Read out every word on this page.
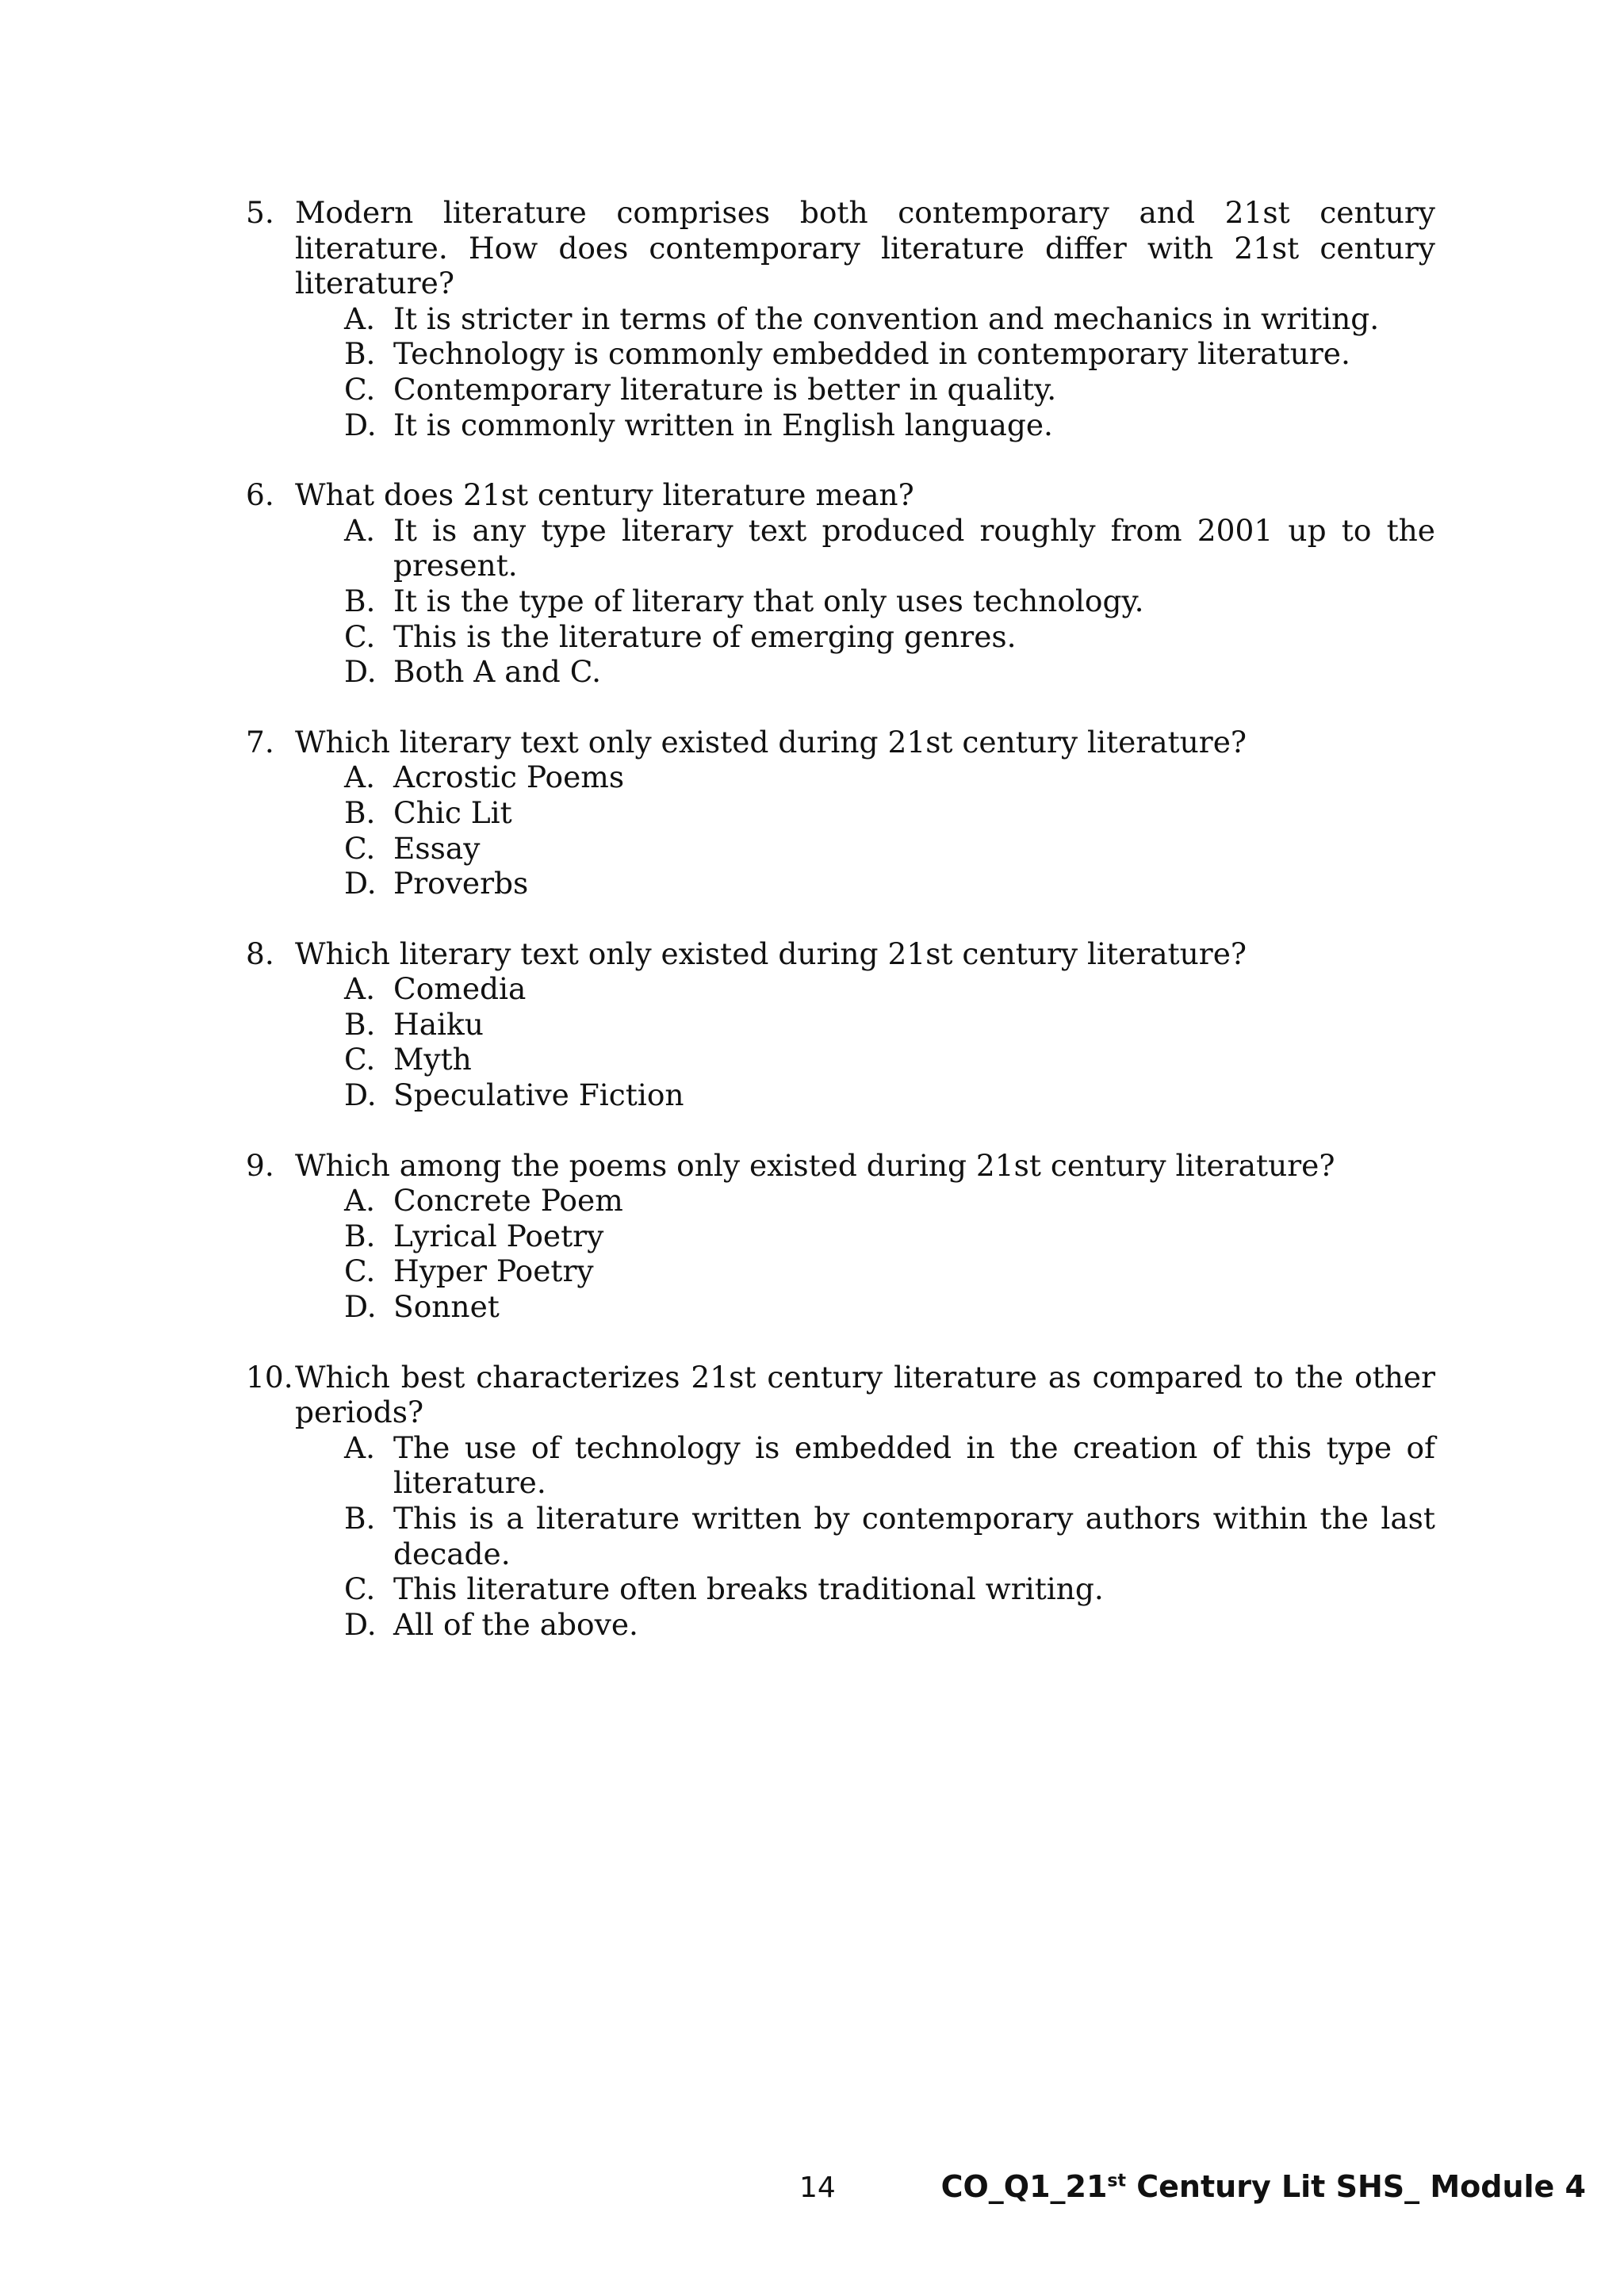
5. Modern literature comprises both contemporary and 21st century literature. How does contemporary literature differ with 21st century literature?
A. It is stricter in terms of the convention and mechanics in writing.
B. Technology is commonly embedded in contemporary literature.
C. Contemporary literature is better in quality.
D. It is commonly written in English language.
6. What does 21st century literature mean?
A. It is any type literary text produced roughly from 2001 up to the present.
B. It is the type of literary that only uses technology.
C. This is the literature of emerging genres.
D. Both A and C.
7. Which literary text only existed during 21st century literature?
A. Acrostic Poems
B. Chic Lit
C. Essay
D. Proverbs
8. Which literary text only existed during 21st century literature?
A. Comedia
B. Haiku
C. Myth
D. Speculative Fiction
9. Which among the poems only existed during 21st century literature?
A. Concrete Poem
B. Lyrical Poetry
C. Hyper Poetry
D. Sonnet
10. Which best characterizes 21st century literature as compared to the other periods?
A. The use of technology is embedded in the creation of this type of literature.
B. This is a literature written by contemporary authors within the last decade.
C. This literature often breaks traditional writing.
D. All of the above.
14	CO_Q1_21st Century Lit SHS_ Module 4
